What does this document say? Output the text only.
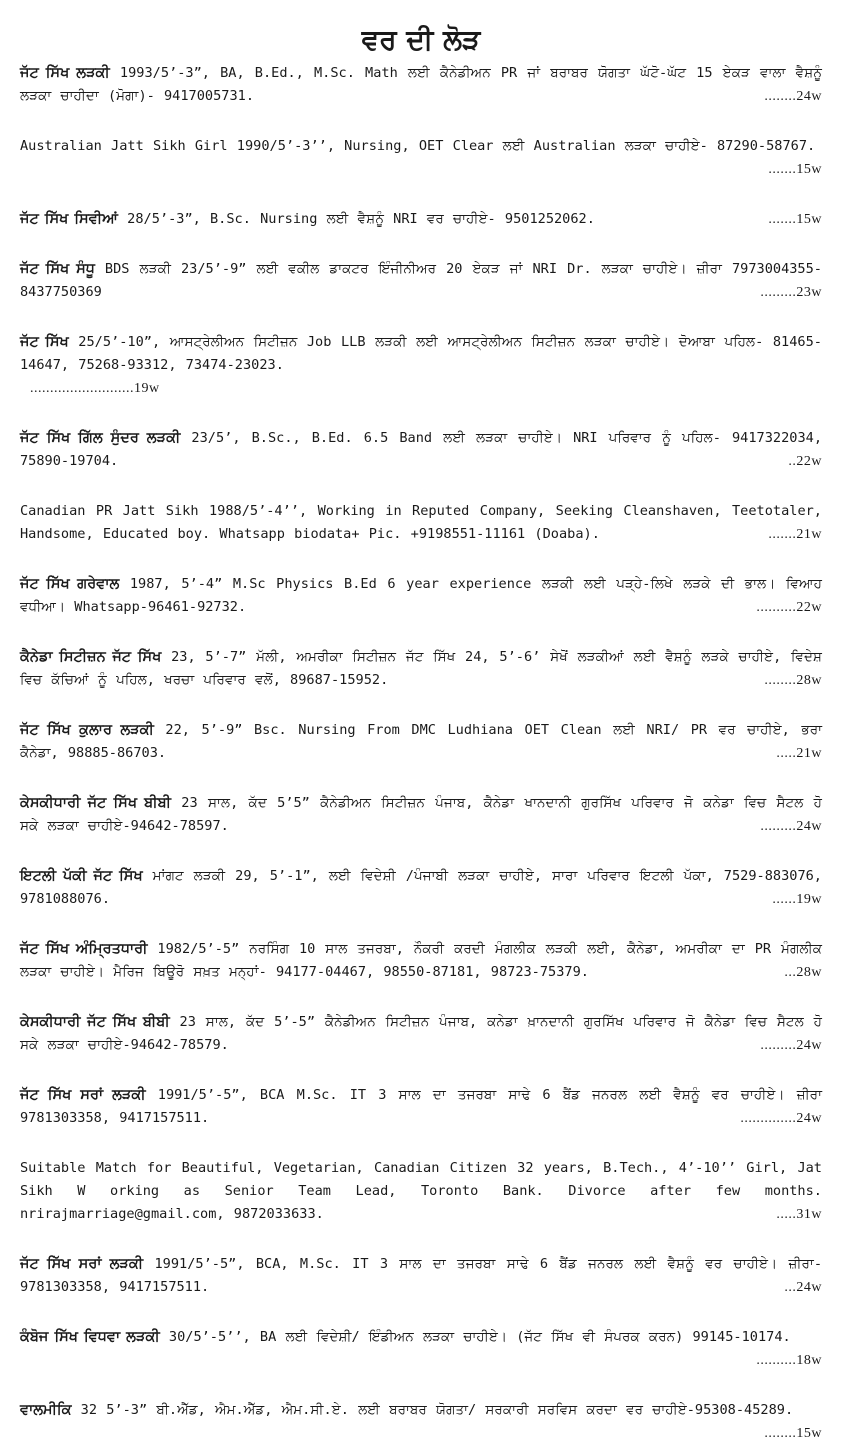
ਵਰ ਦੀ ਲੋੜ

ਜੱਟ ਸਿੱਖ ਲੜਕੀ 1993/5’-3”, BA, B.Ed., M.Sc. Math ਲਈ ਕੈਨੇਡੀਅਨ PR ਜਾਂ ਬਰਾਬਰ ਯੋਗਤਾ ਘੱਟੋ-ਘੱਟ 15 ਏਕੜ ਵਾਲਾ ਵੈਸ਼ਨੂੰ ਲੜਕਾ ਚਾਹੀਦਾ (ਮੋਗਾ)- 9417005731.	........24w

Australian Jatt Sikh Girl 1990/5’-3’’, Nursing, OET Clear ਲਈ Australian ਲੜਕਾ ਚਾਹੀਏ- 87290-58767.
.......15w

ਜੱਟ ਸਿੱਖ ਸਿਵੀਆਂ 28/5’-3”, B.Sc. Nursing ਲਈ ਵੈਸ਼ਨੂੰ NRI ਵਰ ਚਾਹੀਏ- 9501252062.	.......15w

ਜੱਟ ਸਿੱਖ ਸੰਧੂ BDS ਲੜਕੀ 23/5’-9” ਲਈ ਵਕੀਲ ਡਾਕਟਰ ਇੰਜੀਨੀਅਰ 20 ਏਕੜ ਜਾਂ NRI Dr. ਲੜਕਾ ਚਾਹੀਏ। ਜ਼ੀਰਾ 7973004355-8437750369	.........23w

ਜੱਟ ਸਿੱਖ 25/5’-10”, ਆਸਟ੍ਰੇਲੀਅਨ ਸਿਟੀਜ਼ਨ Job LLB ਲੜਕੀ ਲਈ ਆਸਟ੍ਰੇਲੀਅਨ ਸਿਟੀਜ਼ਨ ਲੜਕਾ ਚਾਹੀਏ। ਦੋਆਬਾ ਪਹਿਲ- 81465-14647, 75268-93312, 73474-23023.
..........................19w

ਜੱਟ ਸਿੱਖ ਗਿੱਲ ਸੁੰਦਰ ਲੜਕੀ 23/5’, B.Sc., B.Ed. 6.5 Band ਲਈ ਲੜਕਾ ਚਾਹੀਏ। NRI ਪਰਿਵਾਰ ਨੂੰ ਪਹਿਲ- 9417322034, 75890-19704.	..22w

Canadian PR Jatt Sikh 1988/5’-4’’, Working in Reputed Company, Seeking Cleanshaven, Teetotaler, Handsome, Educated boy. Whatsapp biodata+ Pic. +9198551-11161 (Doaba).	.......21w

ਜੱਟ ਸਿੱਖ ਗਰੇਵਾਲ 1987, 5’-4” M.Sc Physics B.Ed 6 year experience ਲੜਕੀ ਲਈ ਪੜ੍ਹੇ-ਲਿਖੇ ਲੜਕੇ ਦੀ ਭਾਲ। ਵਿਆਹ ਵਧੀਆ। Whatsapp-96461-92732.	..........22w

ਕੈਨੇਡਾ ਸਿਟੀਜ਼ਨ ਜੱਟ ਸਿੱਖ 23, 5’-7” ਮੱਲੀ, ਅਮਰੀਕਾ ਸਿਟੀਜ਼ਨ ਜੱਟ ਸਿੱਖ 24, 5’-6’ ਸੇਖੋਂ ਲੜਕੀਆਂ ਲਈ ਵੈਸ਼ਨੂੰ ਲੜਕੇ ਚਾਹੀਏ, ਵਿਦੇਸ਼ ਵਿਚ ਕੱਚਿਆਂ ਨੂੰ ਪਹਿਲ, ਖਰਚਾ ਪਰਿਵਾਰ ਵਲੋਂ, 89687-15952.	........28w

ਜੱਟ ਸਿੱਖ ਕੁਲਾਰ ਲੜਕੀ 22, 5’-9” Bsc. Nursing From DMC Ludhiana OET Clean ਲਈ NRI/ PR ਵਰ ਚਾਹੀਏ, ਭਰਾ ਕੈਨੇਡਾ, 98885-86703.	.....21w

ਕੇਸਕੀਧਾਰੀ ਜੱਟ ਸਿੱਖ ਬੀਬੀ 23 ਸਾਲ, ਕੱਦ 5’5” ਕੈਨੇਡੀਅਨ ਸਿਟੀਜ਼ਨ ਪੰਜਾਬ, ਕੈਨੇਡਾ ਖਾਨਦਾਨੀ ਗੁਰਸਿੱਖ ਪਰਿਵਾਰ ਜੋ ਕਨੇਡਾ ਵਿਚ ਸੈਟਲ ਹੋ ਸਕੇ ਲੜਕਾ ਚਾਹੀਏ-94642-78597.	.........24w

ਇਟਲੀ ਪੱਕੀ ਜੱਟ ਸਿੱਖ ਮਾਂਗਟ ਲੜਕੀ 29, 5’-1”, ਲਈ ਵਿਦੇਸ਼ੀ /ਪੰਜਾਬੀ ਲੜਕਾ ਚਾਹੀਏ, ਸਾਰਾ ਪਰਿਵਾਰ ਇਟਲੀ ਪੱਕਾ, 7529-883076, 9781088076.	......19w

ਜੱਟ ਸਿੱਖ ਅੰਮ੍ਰਿਤਧਾਰੀ 1982/5’-5” ਨਰਸਿੰਗ 10 ਸਾਲ ਤਜਰਬਾ, ਨੌਕਰੀ ਕਰਦੀ ਮੰਗਲੀਕ ਲੜਕੀ ਲਈ, ਕੈਨੇਡਾ, ਅਮਰੀਕਾ ਦਾ PR ਮੰਗਲੀਕ ਲੜਕਾ ਚਾਹੀਏ। ਮੈਰਿਜ ਬਿਊਰੋ ਸਖ਼ਤ ਮਨ੍ਹਾਂ- 94177-04467, 98550-87181, 98723-75379.	...28w

ਕੇਸਕੀਧਾਰੀ ਜੱਟ ਸਿੱਖ ਬੀਬੀ 23 ਸਾਲ, ਕੱਦ 5’-5” ਕੈਨੇਡੀਅਨ ਸਿਟੀਜ਼ਨ ਪੰਜਾਬ, ਕਨੇਡਾ ਖ਼ਾਨਦਾਨੀ ਗੁਰਸਿੱਖ ਪਰਿਵਾਰ ਜੋ ਕੈਨੇਡਾ ਵਿਚ ਸੈਟਲ ਹੋ ਸਕੇ ਲੜਕਾ ਚਾਹੀਏ-94642-78579.	.........24w

ਜੱਟ ਸਿੱਖ ਸਰਾਂ ਲੜਕੀ 1991/5’-5”, BCA M.Sc. IT 3 ਸਾਲ ਦਾ ਤਜਰਬਾ ਸਾਢੇ 6 ਬੈਂਡ ਜਨਰਲ ਲਈ ਵੈਸ਼ਨੂੰ ਵਰ ਚਾਹੀਏ। ਜ਼ੀਰਾ 9781303358, 9417157511.	..............24w

Suitable Match for Beautiful, Vegetarian, Canadian Citizen 32 years, B.Tech., 4’-10’’ Girl, Jat Sikh W orking as Senior Team Lead, Toronto Bank. Divorce after few months. nrirajmarriage@gmail.com, 9872033633.	.....31w

ਜੱਟ ਸਿੱਖ ਸਰਾਂ ਲੜਕੀ 1991/5’-5”, BCA, M.Sc. IT 3 ਸਾਲ ਦਾ ਤਜਰਬਾ ਸਾਢੇ 6 ਬੈਂਡ ਜਨਰਲ ਲਈ ਵੈਸ਼ਨੂੰ ਵਰ ਚਾਹੀਏ। ਜ਼ੀਰਾ- 9781303358, 9417157511.	...24w

ਕੰਬੋਜ ਸਿੱਖ ਵਿਧਵਾ ਲੜਕੀ 30/5’-5’’, BA ਲਈ ਵਿਦੇਸ਼ੀ/ ਇੰਡੀਅਨ ਲੜਕਾ ਚਾਹੀਏ। (ਜੱਟ ਸਿੱਖ ਵੀ ਸੰਪਰਕ ਕਰਨ) 99145-10174.
..........18w

ਵਾਲਮੀਕਿ 32 5’-3” ਬੀ.ਐੱਡ, ਐਮ.ਐੱਡ, ਐਮ.ਸੀ.ਏ. ਲਈ ਬਰਾਬਰ ਯੋਗਤਾ/ ਸਰਕਾਰੀ ਸਰਵਿਸ ਕਰਦਾ ਵਰ ਚਾਹੀਏ-95308-45289.
........15w
